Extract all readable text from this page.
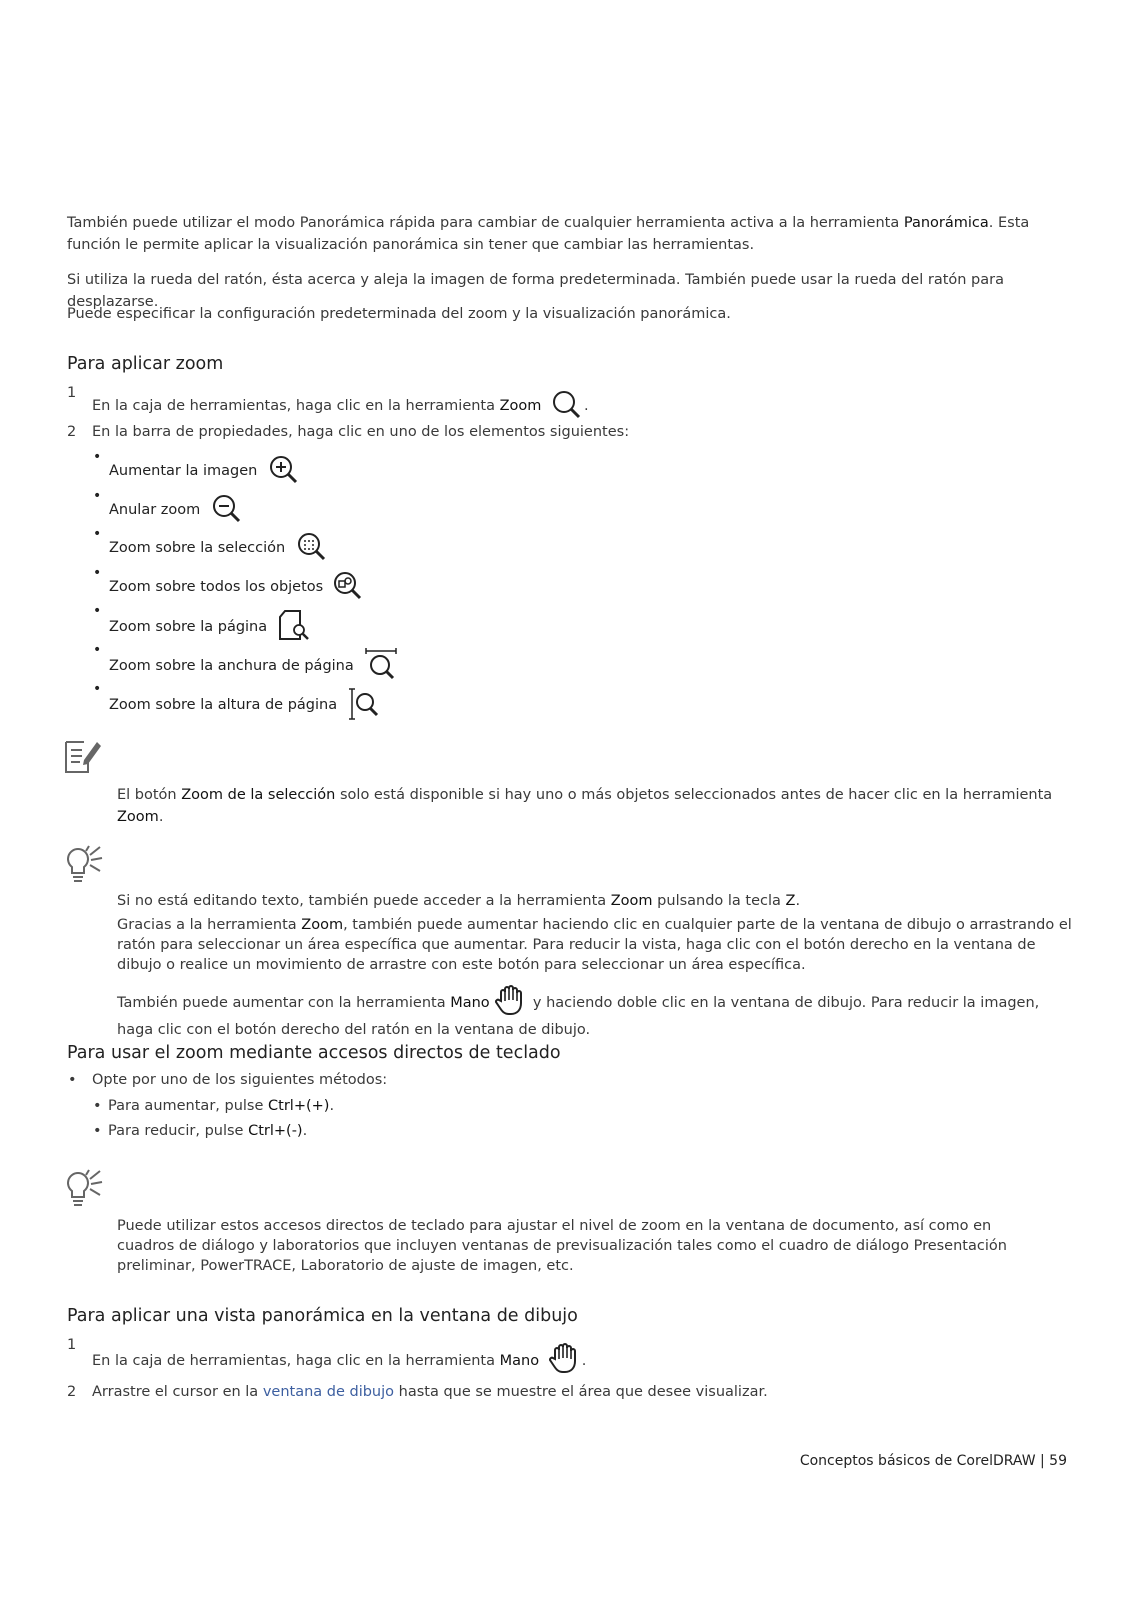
También puede utilizar el modo Panorámica rápida para cambiar de cualquier herramienta activa a la herramienta Panorámica. Esta función le permite aplicar la visualización panorámica sin tener que cambiar las herramientas.

Si utiliza la rueda del ratón, ésta acerca y aleja la imagen de forma predeterminada. También puede usar la rueda del ratón para desplazarse.

Puede especificar la configuración predeterminada del zoom y la visualización panorámica.

Para aplicar zoom
1
En la caja de herramientas, haga clic en la herramienta Zoom	.
2	En la barra de propiedades, haga clic en uno de los elementos siguientes:
•
Aumentar la imagen
•
Anular zoom
•
Zoom sobre la selección
•
Zoom sobre todos los objetos
•
Zoom sobre la página
•
Zoom sobre la anchura de página
•
Zoom sobre la altura de página

El botón Zoom de la selección solo está disponible si hay uno o más objetos seleccionados antes de hacer clic en la herramienta Zoom.

Si no está editando texto, también puede acceder a la herramienta Zoom pulsando la tecla Z.

Gracias a la herramienta Zoom, también puede aumentar haciendo clic en cualquier parte de la ventana de dibujo o arrastrando el ratón para seleccionar un área específica que aumentar. Para reducir la vista, haga clic con el botón derecho en la ventana de dibujo o realice un movimiento de arrastre con este botón para seleccionar un área específica.

También puede aumentar con la herramienta Mano	y haciendo doble clic en la ventana de dibujo. Para reducir la imagen, haga clic con el botón derecho del ratón en la ventana de dibujo.

Para usar el zoom mediante accesos directos de teclado
•	Opte por uno de los siguientes métodos:
• Para aumentar, pulse Ctrl+(+).
• Para reducir, pulse Ctrl+(-).

Puede utilizar estos accesos directos de teclado para ajustar el nivel de zoom en la ventana de documento, así como en cuadros de diálogo y laboratorios que incluyen ventanas de previsualización tales como el cuadro de diálogo Presentación preliminar, PowerTRACE, Laboratorio de ajuste de imagen, etc.

Para aplicar una vista panorámica en la ventana de dibujo
1
En la caja de herramientas, haga clic en la herramienta Mano	.
2	Arrastre el cursor en la ventana de dibujo hasta que se muestre el área que desee visualizar.
Conceptos básicos de CorelDRAW | 59
